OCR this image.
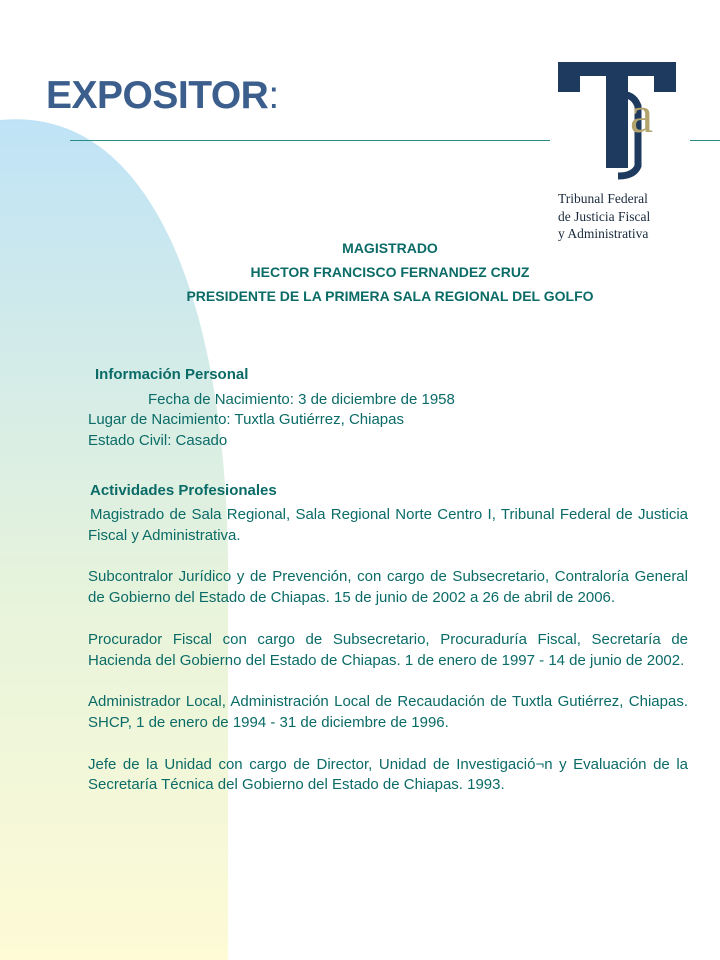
EXPOSITOR:	a
Tribunal Federal
de Justicia Fiscal
y Administrativa
MAGISTRADO
HECTOR FRANCISCO FERNANDEZ CRUZ
PRESIDENTE DE LA PRIMERA SALA REGIONAL DEL GOLFO
Información Personal
Fecha de Nacimiento: 3 de diciembre de 1958
Lugar de Nacimiento: Tuxtla Gutiérrez, Chiapas
Estado Civil: Casado
Actividades Profesionales

Magistrado de Sala Regional, Sala Regional Norte Centro I, Tribunal Federal de Justicia Fiscal y Administrativa.

Subcontralor Jurídico y de Prevención, con cargo de Subsecretario, Contraloría General de Gobierno del Estado de Chiapas. 15 de junio de 2002 a 26 de abril de 2006.

Procurador Fiscal con cargo de Subsecretario, Procuraduría Fiscal, Secretaría de Hacienda del Gobierno del Estado de Chiapas. 1 de enero de 1997 - 14 de junio de 2002.

Administrador Local, Administración Local de Recaudación de Tuxtla Gutiérrez, Chiapas. SHCP, 1 de enero de 1994 - 31 de diciembre de 1996.

Jefe de la Unidad con cargo de Director, Unidad de Investigació¬n y Evaluación de la Secretaría Técnica del Gobierno del Estado de Chiapas. 1993.
